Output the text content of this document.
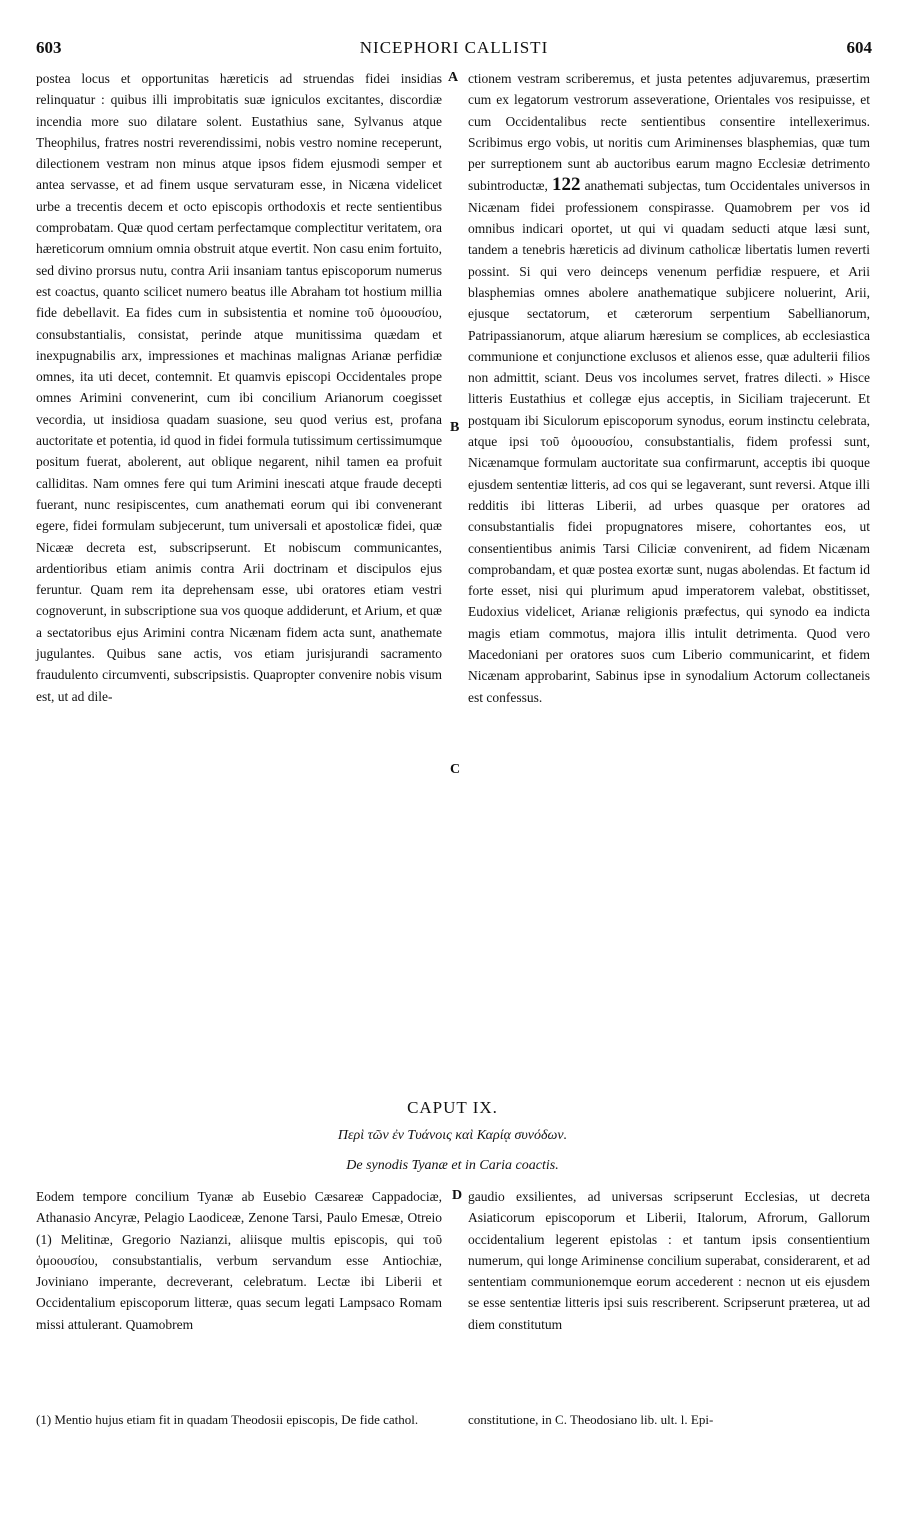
603	NICEPHORI CALLISTI	604
A
B
C
D

postea locus et opportunitas hæreticis ad struendas fidei insidias relinquatur : quibus illi improbitatis suæ igniculos excitantes, discordiæ incendia more suo dilatare solent. Eustathius sane, Sylvanus atque Theophilus, fratres nostri reverendissimi, nobis vestro nomine receperunt, dilectionem vestram non minus atque ipsos fidem ejusmodi semper et antea servasse, et ad finem usque servaturam esse, in Nicæna videlicet urbe a trecentis decem et octo episcopis orthodoxis et recte sentientibus comprobatam. Quæ quod certam perfectamque complectitur veritatem, ora hæreticorum omnium omnia obstruit atque evertit. Non casu enim fortuito, sed divino prorsus nutu, contra Arii insaniam tantus episcoporum numerus est coactus, quanto scilicet numero beatus ille Abraham tot hostium millia fide debellavit. Ea fides cum in subsistentia et nomine τοῦ ὁμοουσίου, consubstantialis, consistat, perinde atque munitissima quædam et inexpugnabilis arx, impressiones et machinas malignas Arianæ perfidiæ omnes, ita uti decet, contemnit. Et quamvis episcopi Occidentales prope omnes Arimini convenerint, cum ibi concilium Arianorum coegisset vecordia, ut insidiosa quadam suasione, seu quod verius est, profana auctoritate et potentia, id quod in fidei formula tutissimum certissimumque positum fuerat, abolerent, aut oblique negarent, nihil tamen ea profuit calliditas. Nam omnes fere qui tum Arimini inescati atque fraude decepti fuerant, nunc resipiscentes, cum anathemati eorum qui ibi convenerant egere, fidei formulam subjecerunt, tum universali et apostolicæ fidei, quæ Nicææ decreta est, subscripserunt. Et nobiscum communicantes, ardentioribus etiam animis contra Arii doctrinam et discipulos ejus feruntur. Quam rem ita deprehensam esse, ubi oratores etiam vestri cognoverunt, in subscriptione sua vos quoque addiderunt, et Arium, et quæ a sectatoribus ejus Arimini contra Nicænam fidem acta sunt, anathemate jugulantes. Quibus sane actis, vos etiam jurisjurandi sacramento fraudulento circumventi, subscripsistis. Quapropter convenire nobis visum est, ut ad dile-

ctionem vestram scriberemus, et justa petentes adjuvaremus, præsertim cum ex legatorum vestrorum asseveratione, Orientales vos resipuisse, et cum Occidentalibus recte sentientibus consentire intellexerimus. Scribimus ergo vobis, ut noritis cum Ariminenses blasphemias, quæ tum per surreptionem sunt ab auctoribus earum magno Ecclesiæ detrimento subintroductæ, 122 anathemati subjectas, tum Occidentales universos in Nicænam fidei professionem conspirasse. Quamobrem per vos id omnibus indicari oportet, ut qui vi quadam seducti atque læsi sunt, tandem a tenebris hæreticis ad divinum catholicæ libertatis lumen reverti possint. Si qui vero deinceps venenum perfidiæ respuere, et Arii blasphemias omnes abolere anathematique subjicere noluerint, Arii, ejusque sectatorum, et cæterorum serpentium Sabellianorum, Patripassianorum, atque aliarum hæresium se complices, ab ecclesiastica communione et conjunctione exclusos et alienos esse, quæ adulterii filios non admittit, sciant. Deus vos incolumes servet, fratres dilecti. » Hisce litteris Eustathius et collegæ ejus acceptis, in Siciliam trajecerunt. Et postquam ibi Siculorum episcoporum synodus, eorum instinctu celebrata, atque ipsi τοῦ ὁμοουσίου, consubstantialis, fidem professi sunt, Nicænamque formulam auctoritate sua confirmarunt, acceptis ibi quoque ejusdem sententiæ litteris, ad cos qui se legaverant, sunt reversi. Atque illi redditis ibi litteras Liberii, ad urbes quasque per oratores ad consubstantialis fidei propugnatores misere, cohortantes eos, ut consentientibus animis Tarsi Ciliciæ convenirent, ad fidem Nicænam comprobandam, et quæ postea exortæ sunt, nugas abolendas. Et factum id forte esset, nisi qui plurimum apud imperatorem valebat, obstitisset, Eudoxius videlicet, Arianæ religionis præfectus, qui synodo ea indicta magis etiam commotus, majora illis intulit detrimenta. Quod vero Macedoniani per oratores suos cum Liberio communicarint, et fidem Nicænam approbarint, Sabinus ipse in synodalium Actorum collectaneis est confessus.

CAPUT IX.
Περὶ τῶν ἐν Τυάνοις καὶ Καρίᾳ συνόδων.
De synodis Tyanæ et in Caria coactis.

Eodem tempore concilium Tyanæ ab Eusebio Cæsareæ Cappadociæ, Athanasio Ancyræ, Pelagio Laodiceæ, Zenone Tarsi, Paulo Emesæ, Otreio (1) Melitinæ, Gregorio Nazianzi, aliisque multis episcopis, qui τοῦ ὁμοουσίου, consubstantialis, verbum servandum esse Antiochiæ, Joviniano imperante, decreverant, celebratum. Lectæ ibi Liberii et Occidentalium episcoporum litteræ, quas secum legati Lampsaco Romam missi attulerant. Quamobrem

gaudio exsilientes, ad universas scripserunt Ecclesias, ut decreta Asiaticorum episcoporum et Liberii, Italorum, Afrorum, Gallorum occidentalium legerent epistolas : et tantum ipsis consentientium numerum, qui longe Ariminense concilium superabat, considerarent, et ad sententiam communionemque eorum accederent : necnon ut eis ejusdem se esse sententiæ litteris ipsi suis rescriberent. Scripserunt præterea, ut ad diem constitutum

(1) Mentio hujus etiam fit in quadam Theodosii episcopis, De fide cathol.	constitutione, in C. Theodosiano lib. ult. l. Epi-
